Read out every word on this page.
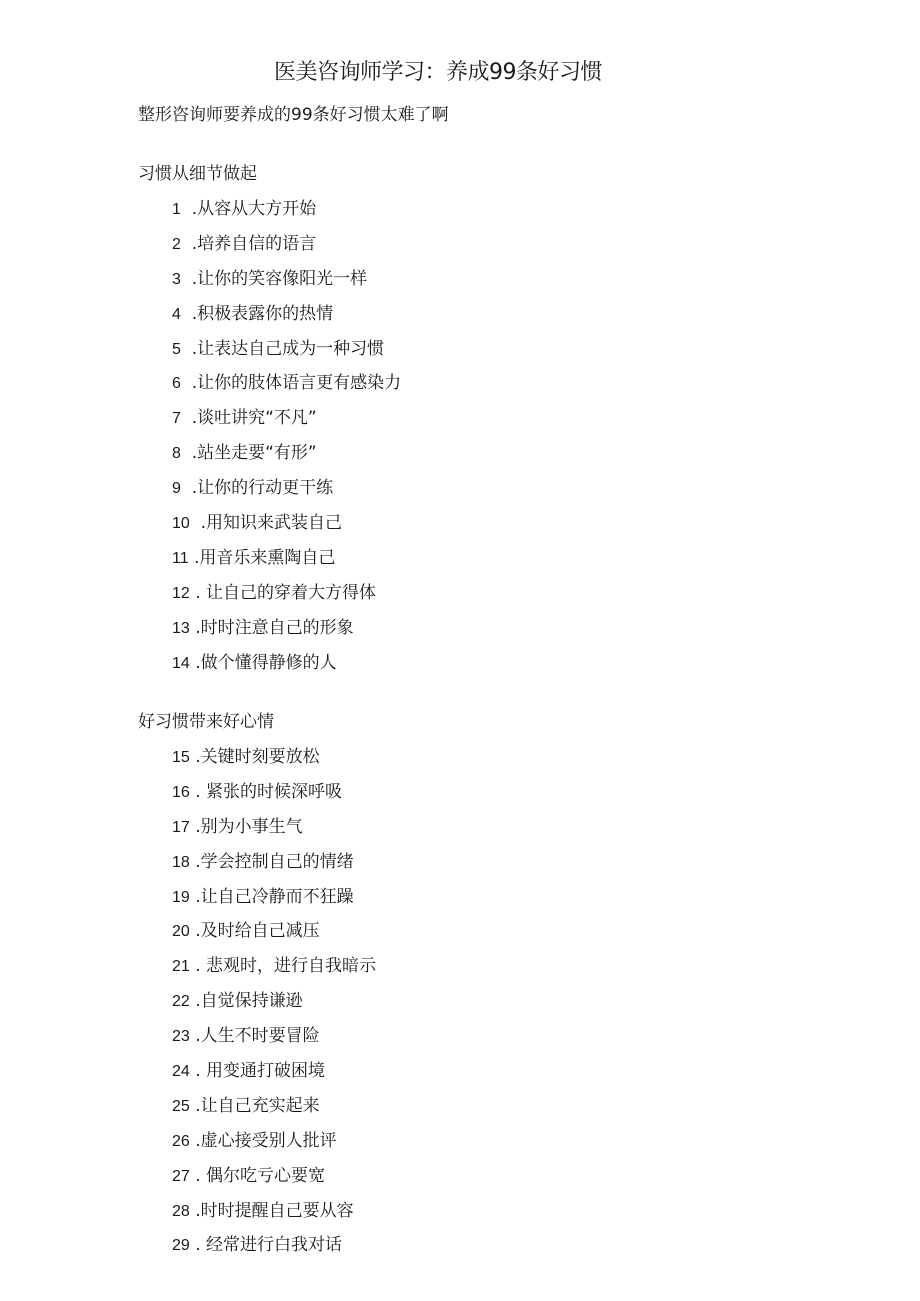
医美咨询师学习：养成99条好习惯
整形咨询师要养成的99条好习惯太难了啊
习惯从细节做起
1 .从容从大方开始
2 .培养自信的语言
3 .让你的笑容像阳光一样
4 .积极表露你的热情
5 .让表达自己成为一种习惯
6 .让你的肢体语言更有感染力
7 .谈吐讲究“不凡”
8 .站坐走要“有形”
9 .让你的行动更干练
10 .用知识来武装自己
11 .用音乐来熏陶自己
12 . 让自己的穿着大方得体
13 .时时注意自己的形象
14 .做个懂得静修的人
好习惯带来好心情
15 .关键时刻要放松
16 . 紧张的时候深呼吸
17 .别为小事生气
18 .学会控制自己的情绪
19 .让自己冷静而不狂躁
20 .及时给自己减压
21 . 悲观时，进行自我暗示
22 .自觉保持谦逊
23 .人生不时要冒险
24 . 用变通打破困境
25 .让自己充实起来
26 .虚心接受别人批评
27 . 偶尔吃亏心要宽
28 .时时提醒自己要从容
29 . 经常进行白我对话
